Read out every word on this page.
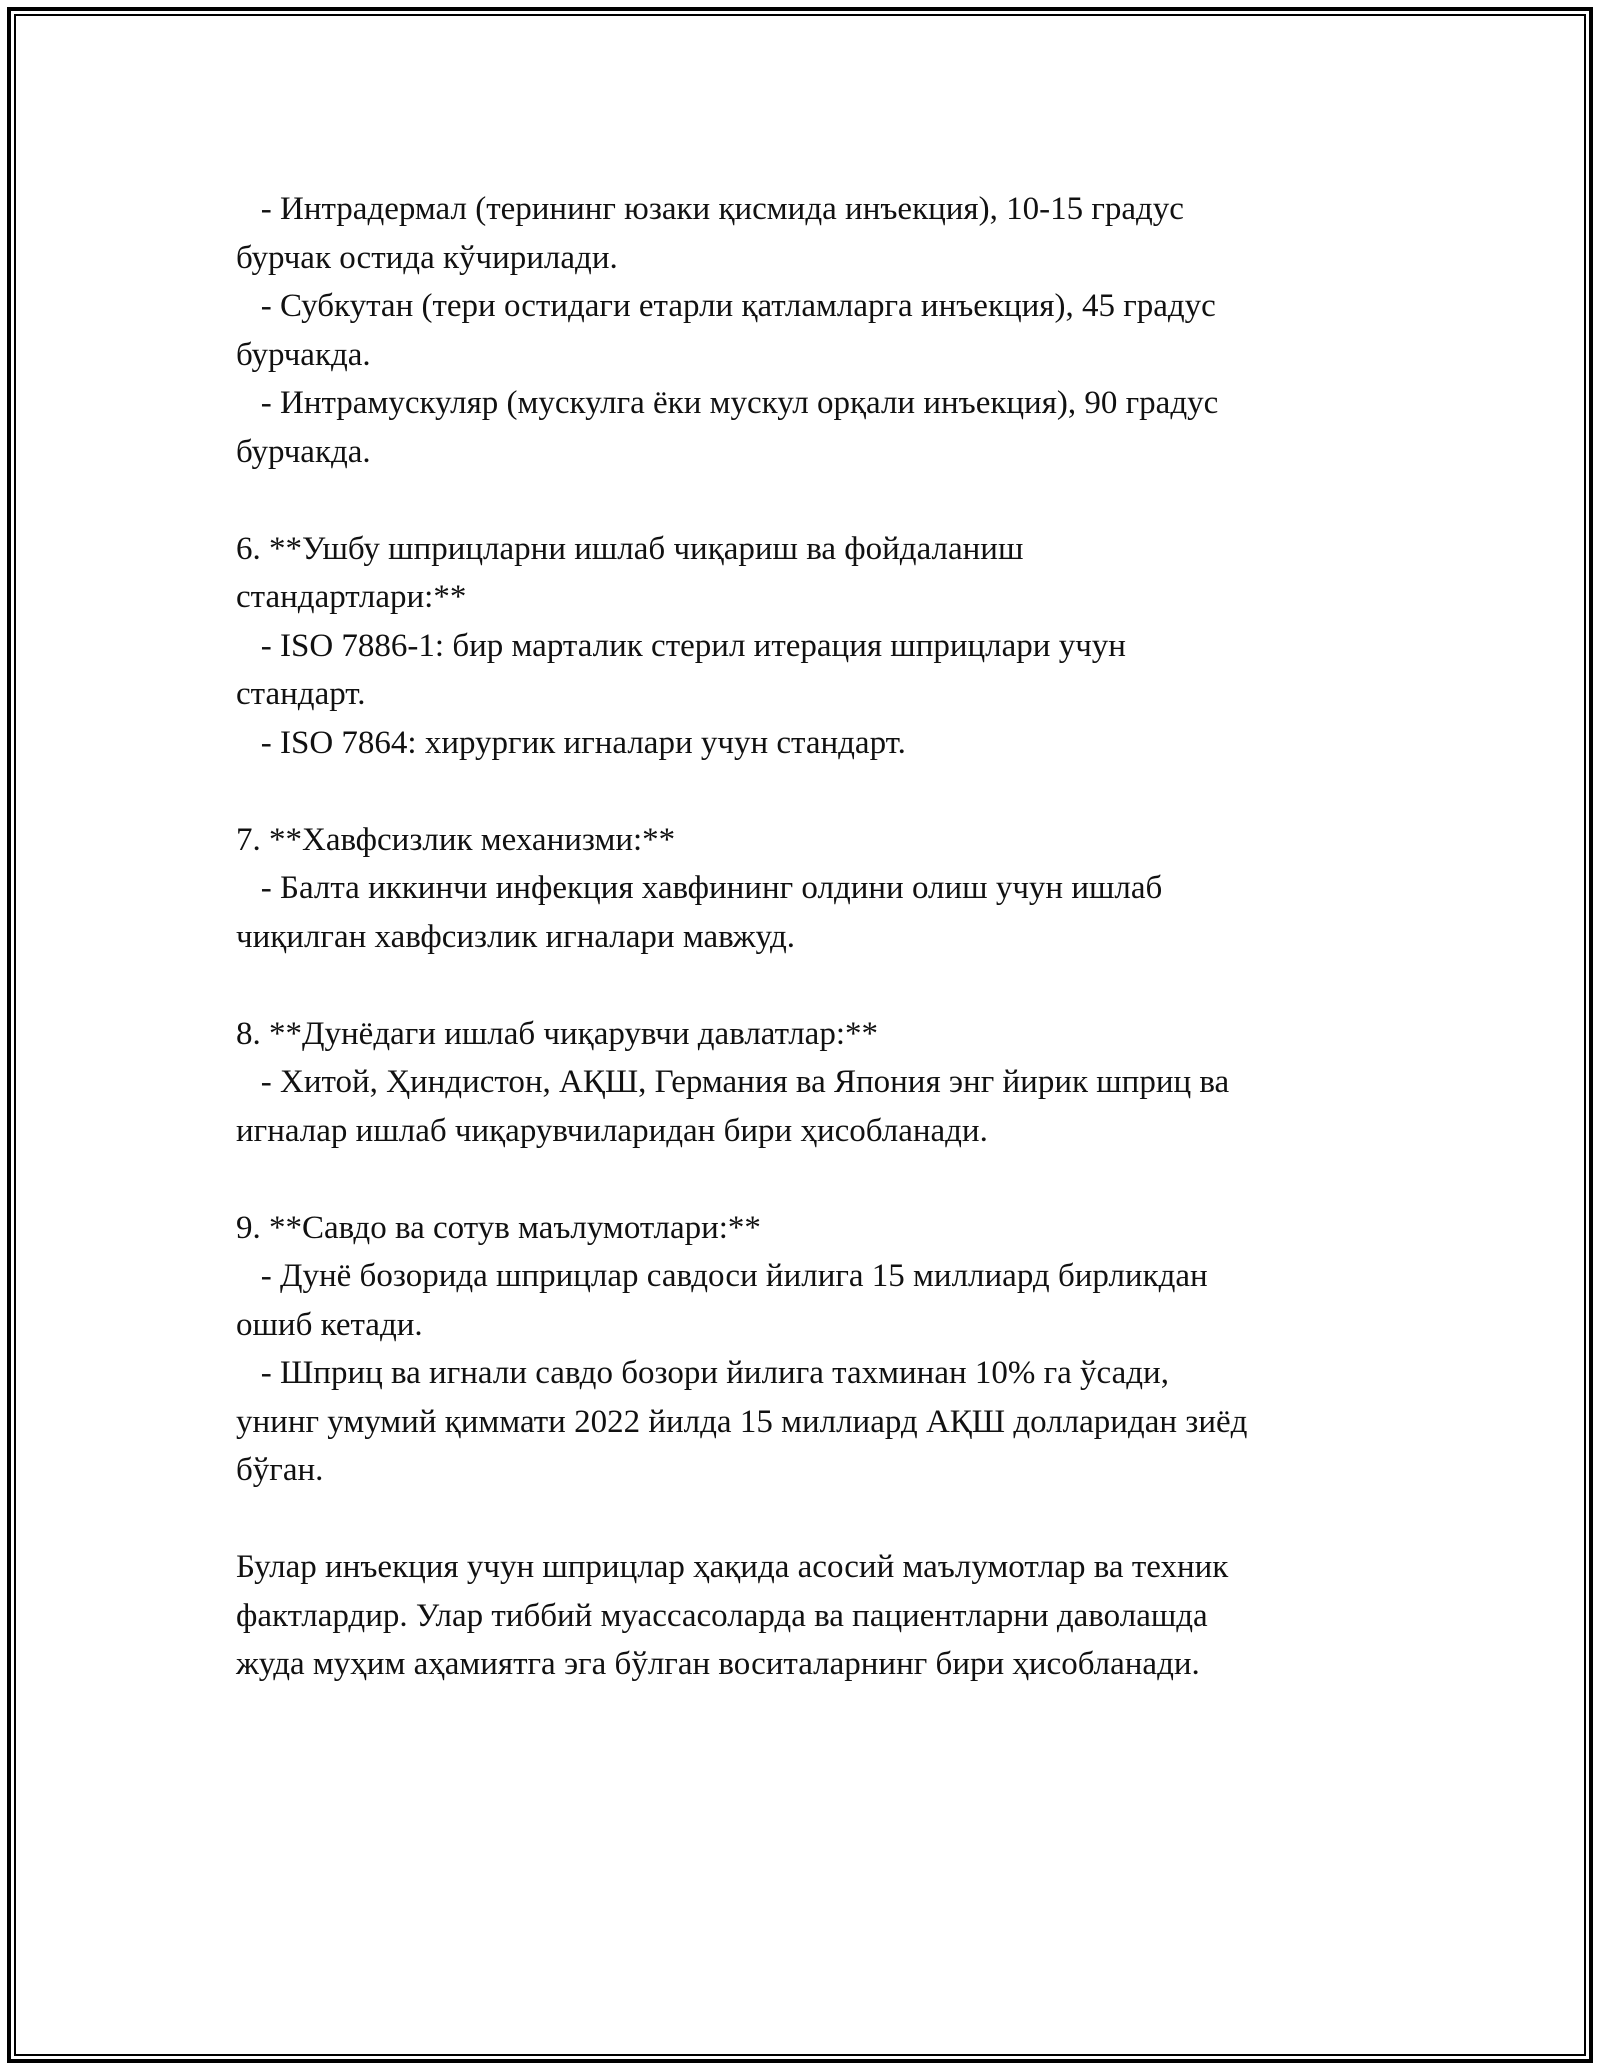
- Интрадермал (терининг юзаки қисмида инъекция), 10-15 градус
бурчак остида кўчирилади.
- Субкутан (тери остидаги етарли қатламларга инъекция), 45 градус
бурчакда.
- Интрамускуляр (мускулга ёки мускул орқали инъекция), 90 градус
бурчакда.
6. **Ушбу шприцларни ишлаб чиқариш ва фойдаланиш
стандартлари:**
- ISO 7886-1: бир марталик стерил итерация шприцлари учун
стандарт.
- ISO 7864: хирургик игналари учун стандарт.
7. **Хавфсизлик механизми:**
- Балта иккинчи инфекция хавфининг олдини олиш учун ишлаб
чиқилган хавфсизлик игналари мавжуд.
8. **Дунёдаги ишлаб чиқарувчи давлатлар:**
- Хитой, Ҳиндистон, АҚШ, Германия ва Япония энг йирик шприц ва
игналар ишлаб чиқарувчиларидан бири ҳисобланади.
9. **Савдо ва сотув маълумотлари:**
- Дунё бозорида шприцлар савдоси йилига 15 миллиард бирликдан
ошиб кетади.
- Шприц ва игнали савдо бозори йилига тахминан 10% га ўсади,
унинг умумий қиммати 2022 йилда 15 миллиард АҚШ долларидан зиёд
бўган.
Булар инъекция учун шприцлар ҳақида асосий маълумотлар ва техник
фактлардир. Улар тиббий муассасоларда ва пациентларни даволашда
жуда муҳим аҳамиятга эга бўлган воситаларнинг бири ҳисобланади.
